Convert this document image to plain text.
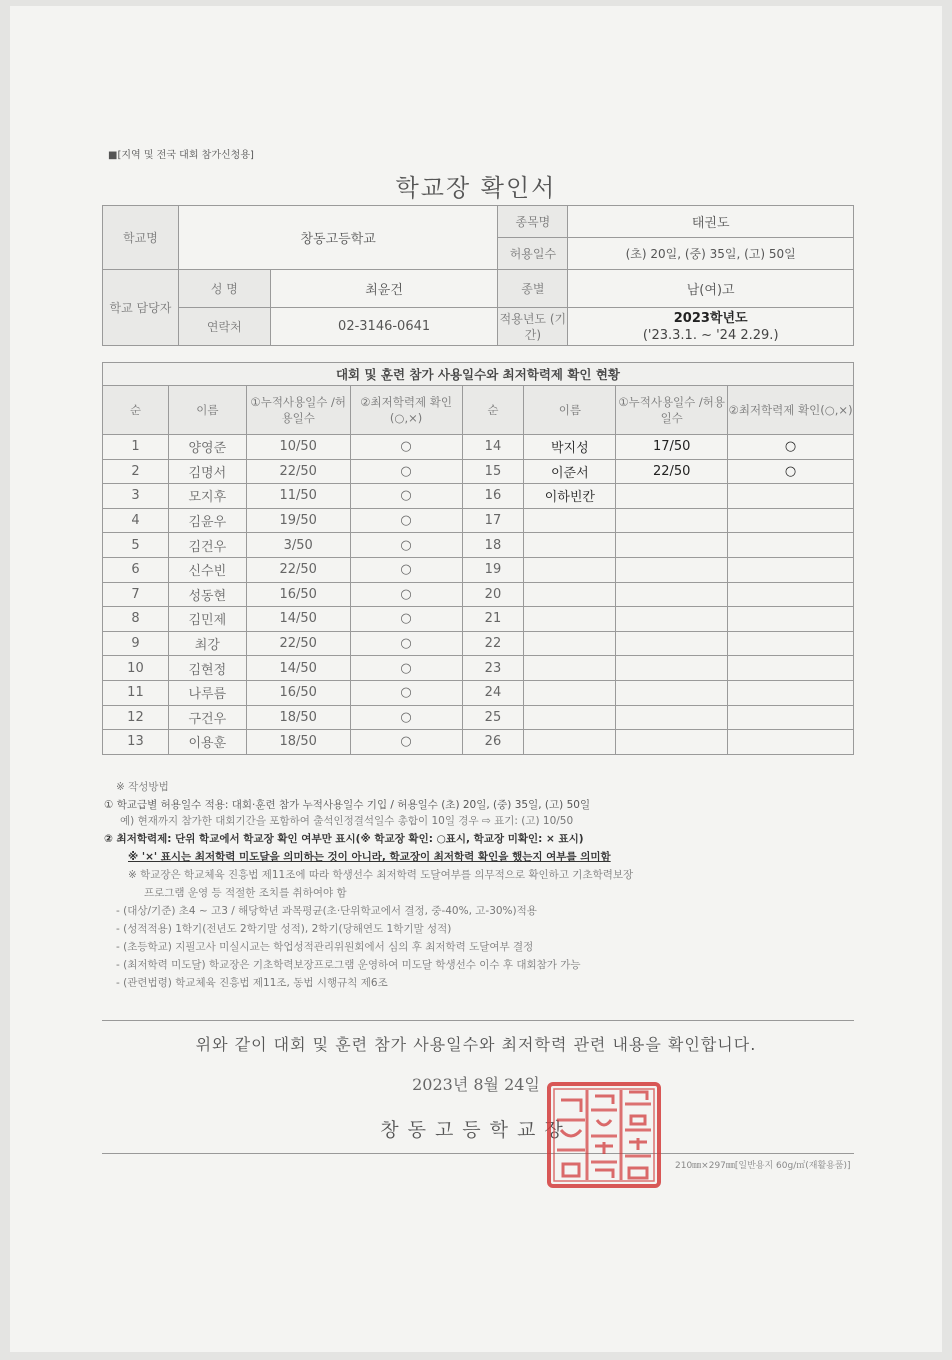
■[지역 및 전국 대회 참가신청용]
학교장 확인서
학교명	창동고등학교		종목명	태권도
			허용일수	(초) 20일, (중) 35일, (고) 50일
학교 담당자	성 명	최윤건	종별	남(여)고
	연락처	02-3146-0641	적용년도 (기간)	2023학년도
('23.3.1. ~ '24 2.29.)
대회 및 훈련 참가 사용일수와 최저학력제 확인 현황
순	이름	①누적사용일수 /허용일수	②최저학력제 확인(○,×)	순	이름	①누적사용일수 /허용일수	②최저학력제 확인(○,×)
1	양영준	10/50	○	14	박지성	17/50	○
2	김명서	22/50	○	15	이준서	22/50	○
3	모지후	11/50	○	16	이하빈칸		
4	김윤우	19/50	○	17			
5	김건우	3/50	○	18			
6	신수빈	22/50	○	19			
7	성동현	16/50	○	20			
8	김민제	14/50	○	21			
9	최강	22/50	○	22			
10	김현정	14/50	○	23			
11	나루름	16/50	○	24			
12	구건우	18/50	○	25			
13	이용훈	18/50	○	26			
※ 작성방법
① 학교급별 허용일수 적용: 대회·훈련 참가 누적사용일수 기입 / 허용일수 (초) 20일, (중) 35일, (고) 50일
예) 현재까지 참가한 대회기간을 포함하여 출석인정결석일수 총합이 10일 경우 ⇨ 표기: (고) 10/50
② 최저학력제: 단위 학교에서 학교장 확인 여부만 표시(※ 학교장 확인: ○표시, 학교장 미확인: × 표시)
※ '×' 표시는 최저학력 미도달을 의미하는 것이 아니라, 학교장이 최저학력 확인을 했는지 여부를 의미함
※ 학교장은 학교체육 진흥법 제11조에 따라 학생선수 최저학력 도달여부를 의무적으로 확인하고 기초학력보장
프로그램 운영 등 적절한 조치를 취하여야 함
- (대상/기준) 초4 ~ 고3 / 해당학년 과목평균(초·단위학교에서 결정, 중-40%, 고-30%)적용
- (성적적용) 1학기(전년도 2학기말 성적), 2학기(당해연도 1학기말 성적)
- (초등학교) 지필고사 미실시교는 학업성적관리위원회에서 심의 후 최저학력 도달여부 결정
- (최저학력 미도달) 학교장은 기초학력보장프로그램 운영하여 미도달 학생선수 이수 후 대회참가 가능
- (관련법령) 학교체육 진흥법 제11조, 동법 시행규칙 제6조
위와 같이 대회 및 훈련 참가 사용일수와 최저학력 관련 내용을 확인합니다.
2023년 8월 24일
창동고등학교장
210㎜×297㎜[일반용지 60g/㎡(재활용품)]
